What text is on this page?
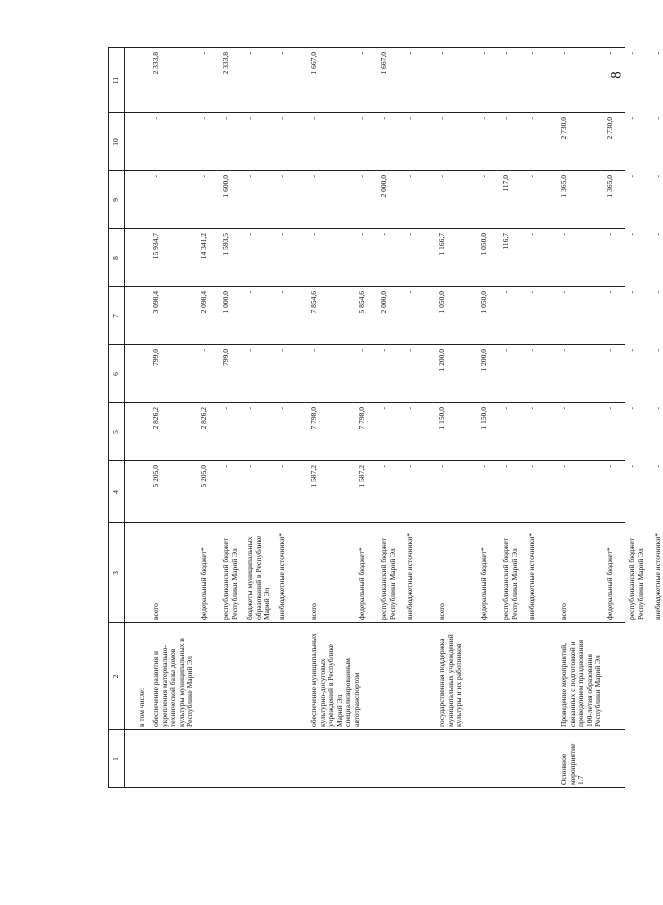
8
1
2
3
4
5
6
7
8
9
10
11
в том числе: обеспечение развития и укрепления материально-технической базы домов культуры муниципальных в Республике Марий Эл
всего
5 205,0
2 826,2
799,0
3 098,4
15 934,7
-
-
2 333,8
федеральный бюджет*
5 205,0
2 826,2
-
2 098,4
14 341,2
-
-
-
республиканский бюджет Республики Марий Эл
-
-
799,0
1 000,0
1 593,5
1 600,0
-
2 333,8
бюджеты муниципальных образований в Республике Марий Эл
-
-
-
-
-
-
-
-
внебюджетные источники*
-
-
-
-
-
-
-
-
обеспечение муниципальных культурно-досуговых учреждений в Республике Марий Эл специализированным автотранспортом
всего
1 587,2
7 798,0
-
7 854,6
-
-
-
1 667,0
федеральный бюджет*
1 587,2
7 798,0
-
5 854,6
-
-
-
-
республиканский бюджет Республики Марий Эл
-
-
-
2 000,0
-
2 000,0
-
1 667,0
внебюджетные источники*
-
-
-
-
-
-
-
-
государственная поддержка муниципальных учреждений культуры и их работников
всего
-
1 150,0
1 200,0
1 050,0
1 166,7
-
-
-
федеральный бюджет*
-
1 150,0
1 200,0
1 050,0
1 050,0
-
-
-
республиканский бюджет Республики Марий Эл
-
-
-
-
116,7
117,0
-
-
внебюджетные источники*
-
-
-
-
-
-
-
-
Основное мероприятие 1.7
Проведение мероприятий, связанных с подготовкой и проведением празднования 100-летия образования Республики Марий Эл
всего
-
-
-
-
-
1 365,0
2 730,0
-
федеральный бюджет*
-
-
-
-
-
1 365,0
2 730,0
-
республиканский бюджет Республики Марий Эл
-
-
-
-
-
-
-
-
внебюджетные источники*
-
-
-
-
-
-
-
-
